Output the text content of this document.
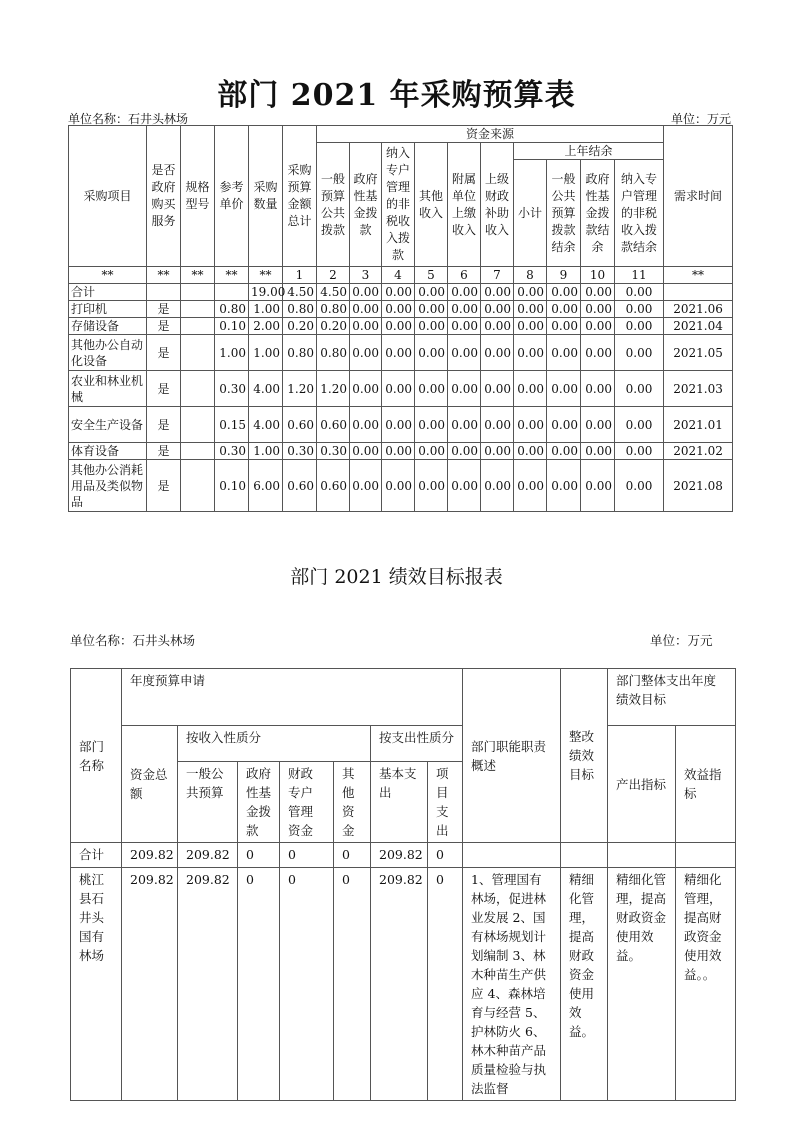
部门 2021 年采购预算表
单位名称：石井头林场	单位：万元
采购项目	是否政府购买服务	规格型号	参考单价	采购数量	采购预算金额总计	资金来源										需求时间
						一般预算公共拨款	政府性基金拨款	纳入专户管理的非税收入拨款	其他收入	附属单位上缴收入	上级财政补助收入	上年结余				
												小计	一般公共预算拨款结余	政府性基金拨款结余	纳入专户管理的非税收入拨款结余	
**	**	**	**	**	1	2	3	4	5	6	7	8	9	10	11	**
合计				19.00	4.50	4.50	0.00	0.00	0.00	0.00	0.00	0.00	0.00	0.00	0.00	
打印机	是		0.80	1.00	0.80	0.80	0.00	0.00	0.00	0.00	0.00	0.00	0.00	0.00	0.00	2021.06
存储设备	是		0.10	2.00	0.20	0.20	0.00	0.00	0.00	0.00	0.00	0.00	0.00	0.00	0.00	2021.04
其他办公自动化设备	是		1.00	1.00	0.80	0.80	0.00	0.00	0.00	0.00	0.00	0.00	0.00	0.00	0.00	2021.05
农业和林业机械	是		0.30	4.00	1.20	1.20	0.00	0.00	0.00	0.00	0.00	0.00	0.00	0.00	0.00	2021.03
安全生产设备	是		0.15	4.00	0.60	0.60	0.00	0.00	0.00	0.00	0.00	0.00	0.00	0.00	0.00	2021.01
体育设备	是		0.30	1.00	0.30	0.30	0.00	0.00	0.00	0.00	0.00	0.00	0.00	0.00	0.00	2021.02
其他办公消耗用品及类似物品	是		0.10	6.00	0.60	0.60	0.00	0.00	0.00	0.00	0.00	0.00	0.00	0.00	0.00	2021.08
部门 2021 绩效目标报表
单位名称：石井头林场	单位：万元
部门名称	年度预算申请							部门职能职责概述	整改绩效目标	部门整体支出年度绩效目标	
	资金总额	按收入性质分				按支出性质分				产出指标	效益指标
		一般公共预算	政府性基金拨款	财政专户管理资金	其他资金	基本支出	项目支出				
合计	209.82	209.82	0	0	0	209.82	0				
桃江县石井头国有林场	209.82	209.82	0	0	0	209.82	0	1、管理国有林场，促进林业发展 2、国有林场规划计划编制 3、林木种苗生产供应 4、森林培育与经营 5、护林防火 6、林木种苗产品质量检验与执法监督	精细化管理，提高财政资金使用效益。	精细化管理，提高财政资金使用效益。	精细化管理，提高财政资金使用效益。。
